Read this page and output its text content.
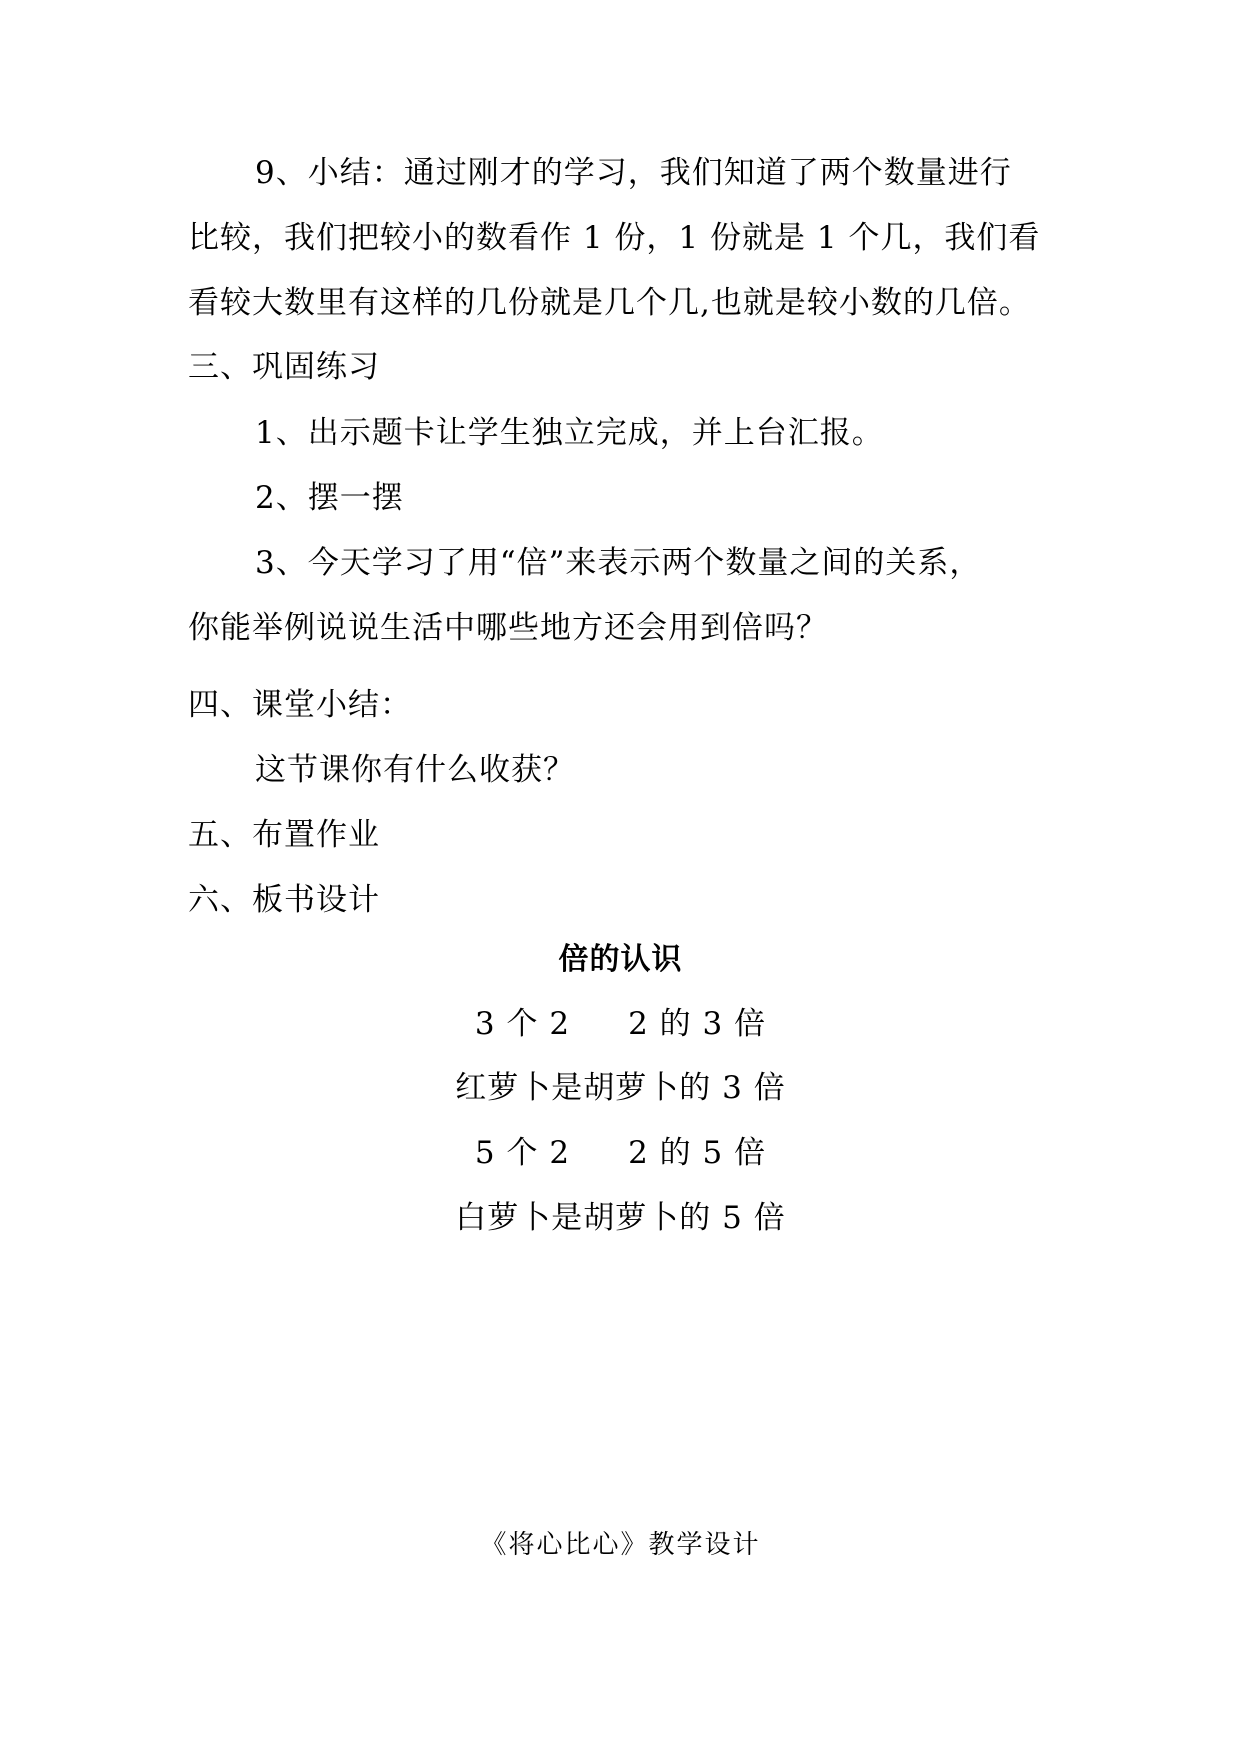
9、小结：通过刚才的学习，我们知道了两个数量进行
比较，我们把较小的数看作 1 份，1 份就是 1 个几，我们看
看较大数里有这样的几份就是几个几,也就是较小数的几倍。
三、巩固练习
1、出示题卡让学生独立完成，并上台汇报。
2、摆一摆
3、今天学习了用“倍”来表示两个数量之间的关系，
你能举例说说生活中哪些地方还会用到倍吗？
四、课堂小结：
这节课你有什么收获？
五、布置作业
六、板书设计
倍的认识
3 个 2 2 的 3 倍
红萝卜是胡萝卜的 3 倍
5 个 2 2 的 5 倍
白萝卜是胡萝卜的 5 倍
《将心比心》教学设计
